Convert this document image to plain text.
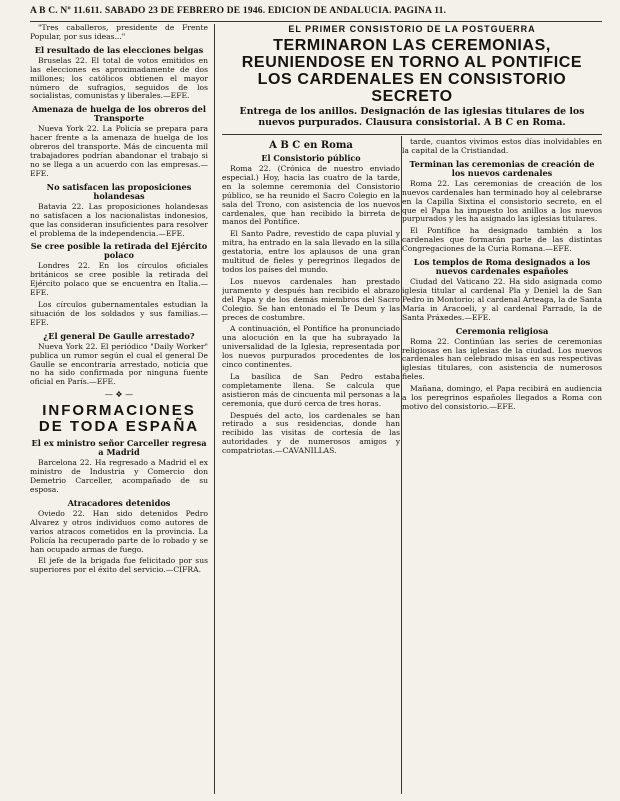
A B C. Nº 11.611. SABADO 23 DE FEBRERO DE 1946. EDICION DE ANDALUCIA. PAGINA 11.
EL PRIMER CONSISTORIO DE LA POSTGUERRA
TERMINARON LAS CEREMONIAS, REUNIENDOSE EN TORNO AL PONTIFICE LOS CARDENALES EN CONSISTORIO SECRETO
Entrega de los anillos. Designación de las iglesias titulares de los nuevos purpurados. Clausura consistorial. A B C en Roma.

"Tres caballeros, presidente de Frente Popular, por sus ideas..."

El resultado de las elecciones belgas

Bruselas 22. El total de votos emitidos en las elecciones es aproximadamente de dos millones; los católicos obtienen el mayor número de sufragios, seguidos de los socialistas, comunistas y liberales.—EFE.

Amenaza de huelga de los obreros del Transporte

Nueva York 22. La Policía se prepara para hacer frente a la amenaza de huelga de los obreros del transporte. Más de cincuenta mil trabajadores podrían abandonar el trabajo si no se llega a un acuerdo con las empresas.—EFE.

No satisfacen las proposiciones holandesas

Batavia 22. Las proposiciones holandesas no satisfacen a los nacionalistas indonesios, que las consideran insuficientes para resolver el problema de la independencia.—EFE.

Se cree posible la retirada del Ejército polaco

Londres 22. En los círculos oficiales británicos se cree posible la retirada del Ejército polaco que se encuentra en Italia.—EFE.

Los círculos gubernamentales estudian la situación de los soldados y sus familias.—EFE.

¿El general De Gaulle arrestado?

Nueva York 22. El periódico "Daily Worker" publica un rumor según el cual el general De Gaulle se encontraría arrestado, noticia que no ha sido confirmada por ninguna fuente oficial en París.—EFE.

— ❖ —
INFORMACIONES DE TODA ESPAÑA
El ex ministro señor Carceller regresa a Madrid

Barcelona 22. Ha regresado a Madrid el ex ministro de Industria y Comercio don Demetrio Carceller, acompañado de su esposa.

Atracadores detenidos

Oviedo 22. Han sido detenidos Pedro Alvarez y otros individuos como autores de varios atracos cometidos en la provincia. La Policía ha recuperado parte de lo robado y se han ocupado armas de fuego.

El jefe de la brigada fue felicitado por sus superiores por el éxito del servicio.—CIFRA.

A B C en Roma
El Consistorio público

Roma 22. (Crónica de nuestro enviado especial.) Hoy, hacia las cuatro de la tarde, en la solemne ceremonia del Consistorio público, se ha reunido el Sacro Colegio en la sala del Trono, con asistencia de los nuevos cardenales, que han recibido la birreta de manos del Pontífice.

El Santo Padre, revestido de capa pluvial y mitra, ha entrado en la sala llevado en la silla gestatoria, entre los aplausos de una gran multitud de fieles y peregrinos llegados de todos los países del mundo.

Los nuevos cardenales han prestado juramento y después han recibido el abrazo del Papa y de los demás miembros del Sacro Colegio. Se han entonado el Te Deum y las preces de costumbre.

A continuación, el Pontífice ha pronunciado una alocución en la que ha subrayado la universalidad de la Iglesia, representada por los nuevos purpurados procedentes de los cinco continentes.

La basílica de San Pedro estaba completamente llena. Se calcula que asistieron más de cincuenta mil personas a la ceremonia, que duró cerca de tres horas.

Después del acto, los cardenales se han retirado a sus residencias, donde han recibido las visitas de cortesía de las autoridades y de numerosos amigos y compatriotas.—CAVANILLAS.

tarde, cuantos vivimos estos días inolvidables en la capital de la Cristiandad.

Terminan las ceremonias de creación de los nuevos cardenales

Roma 22. Las ceremonias de creación de los nuevos cardenales han terminado hoy al celebrarse en la Capilla Sixtina el consistorio secreto, en el que el Papa ha impuesto los anillos a los nuevos purpurados y les ha asignado las iglesias titulares.

El Pontífice ha designado también a los cardenales que formarán parte de las distintas Congregaciones de la Curia Romana.—EFE.

Los templos de Roma designados a los nuevos cardenales españoles

Ciudad del Vaticano 22. Ha sido asignada como iglesia titular al cardenal Pla y Deniel la de San Pedro in Montorio; al cardenal Arteaga, la de Santa María in Aracoeli, y al cardenal Parrado, la de Santa Práxedes.—EFE.

Ceremonia religiosa

Roma 22. Continúan las series de ceremonias religiosas en las iglesias de la ciudad. Los nuevos cardenales han celebrado misas en sus respectivas iglesias titulares, con asistencia de numerosos fieles.

Mañana, domingo, el Papa recibirá en audiencia a los peregrinos españoles llegados a Roma con motivo del consistorio.—EFE.
